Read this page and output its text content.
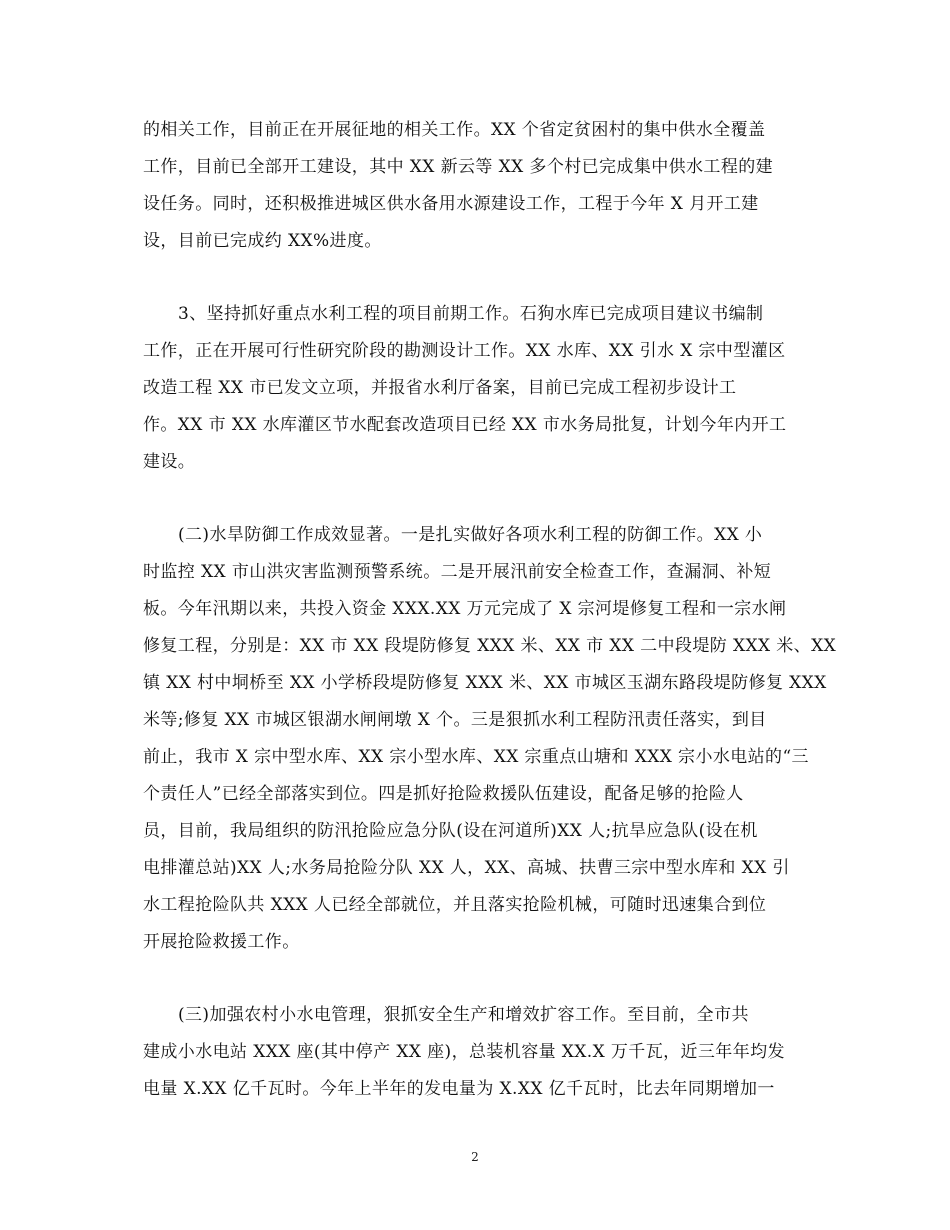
的相关工作，目前正在开展征地的相关工作。XX 个省定贫困村的集中供水全覆盖
工作，目前已全部开工建设，其中 XX 新云等 XX 多个村已完成集中供水工程的建
设任务。同时，还积极推进城区供水备用水源建设工作，工程于今年 X 月开工建
设，目前已完成约 XX%进度。
3、坚持抓好重点水利工程的项目前期工作。石狗水库已完成项目建议书编制
工作，正在开展可行性研究阶段的勘测设计工作。XX 水库、XX 引水 X 宗中型灌区
改造工程 XX 市已发文立项，并报省水利厅备案，目前已完成工程初步设计工
作。XX 市 XX 水库灌区节水配套改造项目已经 XX 市水务局批复，计划今年内开工
建设。
(二)水旱防御工作成效显著。一是扎实做好各项水利工程的防御工作。XX 小
时监控 XX 市山洪灾害监测预警系统。二是开展汛前安全检查工作，查漏洞、补短
板。今年汛期以来，共投入资金 XXX.XX 万元完成了 X 宗河堤修复工程和一宗水闸
修复工程，分别是：XX 市 XX 段堤防修复 XXX 米、XX 市 XX 二中段堤防 XXX 米、XX
镇 XX 村中垌桥至 XX 小学桥段堤防修复 XXX 米、XX 市城区玉湖东路段堤防修复 XXX
米等;修复 XX 市城区银湖水闸闸墩 X 个。三是狠抓水利工程防汛责任落实，到目
前止，我市 X 宗中型水库、XX 宗小型水库、XX 宗重点山塘和 XXX 宗小水电站的“三
个责任人”已经全部落实到位。四是抓好抢险救援队伍建设，配备足够的抢险人
员，目前，我局组织的防汛抢险应急分队(设在河道所)XX 人;抗旱应急队(设在机
电排灌总站)XX 人;水务局抢险分队 XX 人，XX、高城、扶曹三宗中型水库和 XX 引
水工程抢险队共 XXX 人已经全部就位，并且落实抢险机械，可随时迅速集合到位
开展抢险救援工作。
(三)加强农村小水电管理，狠抓安全生产和增效扩容工作。至目前，全市共
建成小水电站 XXX 座(其中停产 XX 座)，总装机容量 XX.X 万千瓦，近三年年均发
电量 X.XX 亿千瓦时。今年上半年的发电量为 X.XX 亿千瓦时，比去年同期增加一
2
